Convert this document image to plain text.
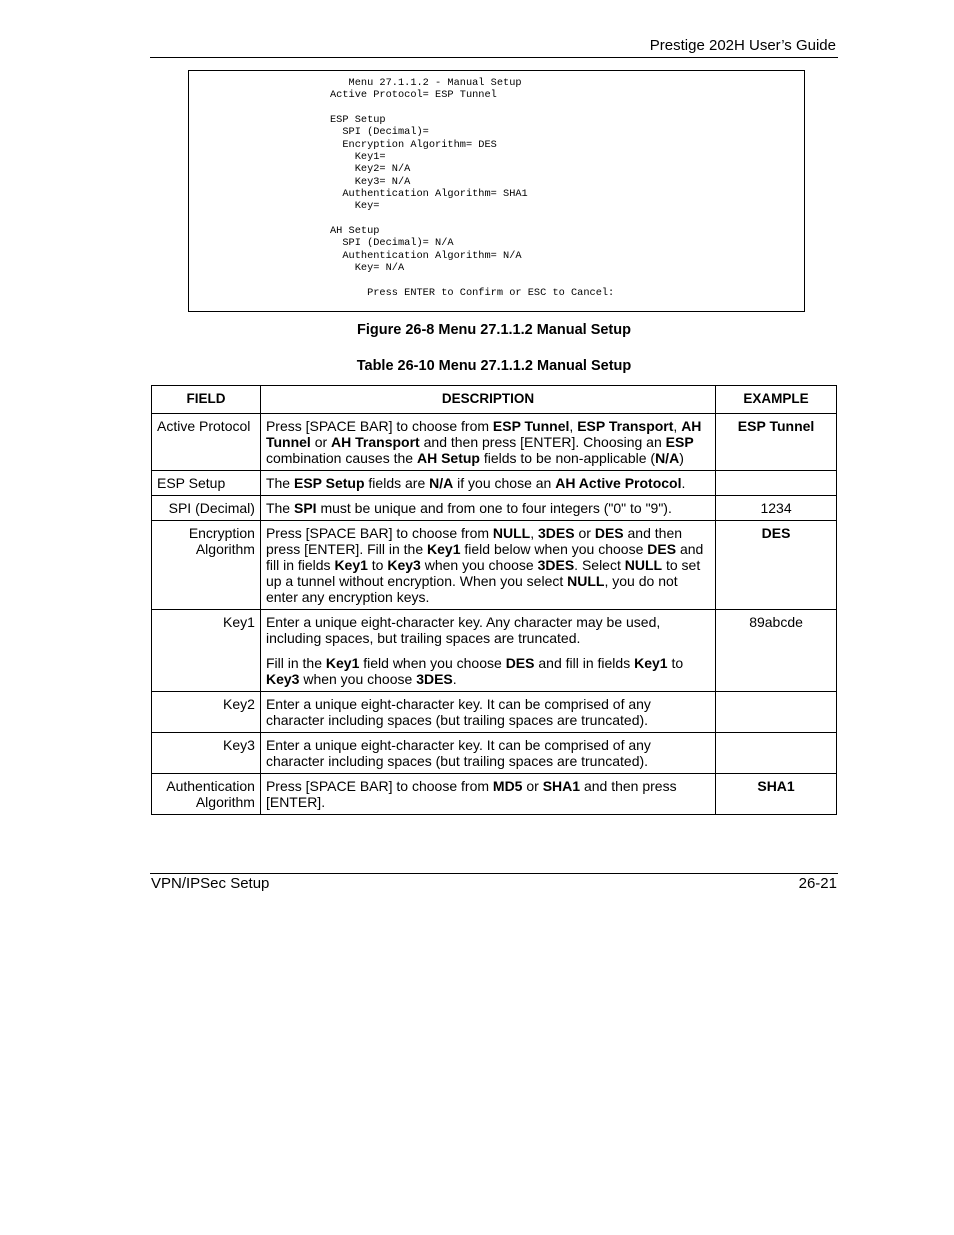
Prestige 202H User’s Guide
Menu 27.1.1.2 - Manual Setup
Active Protocol= ESP Tunnel

ESP Setup
SPI (Decimal)=
Encryption Algorithm= DES
Key1=
Key2= N/A
Key3= N/A
Authentication Algorithm= SHA1
Key=

AH Setup
SPI (Decimal)= N/A
Authentication Algorithm= N/A
Key= N/A

Press ENTER to Confirm or ESC to Cancel:
Figure 26-8 Menu 27.1.1.2 Manual Setup
Table 26-10 Menu 27.1.1.2 Manual Setup
FIELD	DESCRIPTION	EXAMPLE
Active Protocol	Press [SPACE BAR] to choose from ESP Tunnel, ESP Transport, AH Tunnel or AH Transport and then press [ENTER]. Choosing an ESP combination causes the AH Setup fields to be non-applicable (N/A)	ESP Tunnel
ESP Setup	The ESP Setup fields are N/A if you chose an AH Active Protocol.	

SPI (Decimal)	The SPI must be unique and from one to four integers ("0" to "9").	1234
Encryption Algorithm	Press [SPACE BAR] to choose from NULL, 3DES or DES and then press [ENTER]. Fill in the Key1 field below when you choose DES and fill in fields Key1 to Key3 when you choose 3DES. Select NULL to set up a tunnel without encryption. When you select NULL, you do not enter any encryption keys.	DES
Key1	Enter a unique eight-character key. Any character may be used, including spaces, but trailing spaces are truncated.
Fill in the Key1 field when you choose DES and fill in fields Key1 to Key3 when you choose 3DES.	89abcde
Key2	Enter a unique eight-character key. It can be comprised of any character including spaces (but trailing spaces are truncated).	

Key3	Enter a unique eight-character key. It can be comprised of any character including spaces (but trailing spaces are truncated).	

Authentication Algorithm	Press [SPACE BAR] to choose from MD5 or SHA1 and then press [ENTER].	SHA1
VPN/IPSec Setup	26-21
